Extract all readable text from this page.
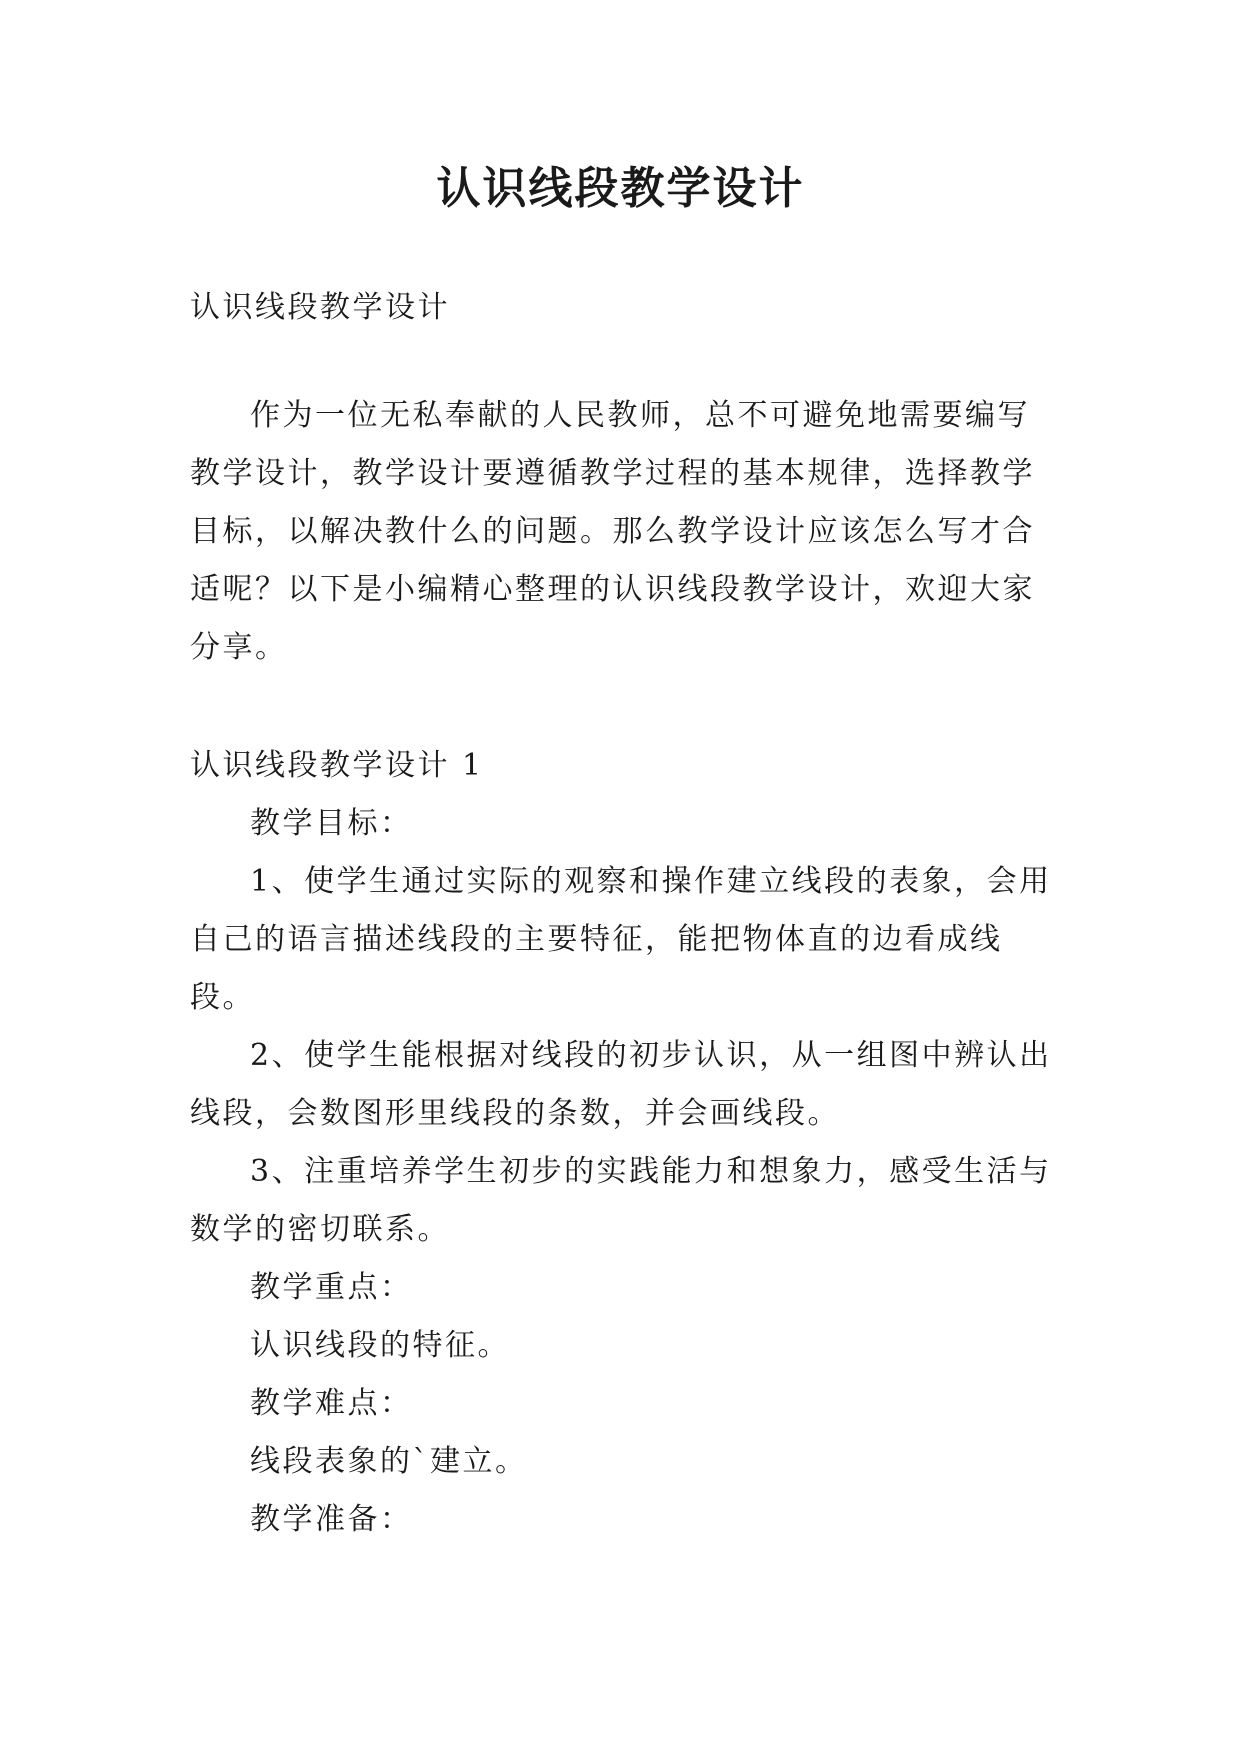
认识线段教学设计

认识线段教学设计

作为一位无私奉献的人民教师，总不可避免地需要编写教学设计，教学设计要遵循教学过程的基本规律，选择教学目标，以解决教什么的问题。那么教学设计应该怎么写才合适呢？以下是小编精心整理的认识线段教学设计，欢迎大家分享。

认识线段教学设计 1

教学目标：

1、使学生通过实际的观察和操作建立线段的表象，会用自己的语言描述线段的主要特征，能把物体直的边看成线段。

2、使学生能根据对线段的初步认识，从一组图中辨认出线段，会数图形里线段的条数，并会画线段。

3、注重培养学生初步的实践能力和想象力，感受生活与数学的密切联系。

教学重点：

认识线段的特征。

教学难点：

线段表象的`建立。

教学准备：
